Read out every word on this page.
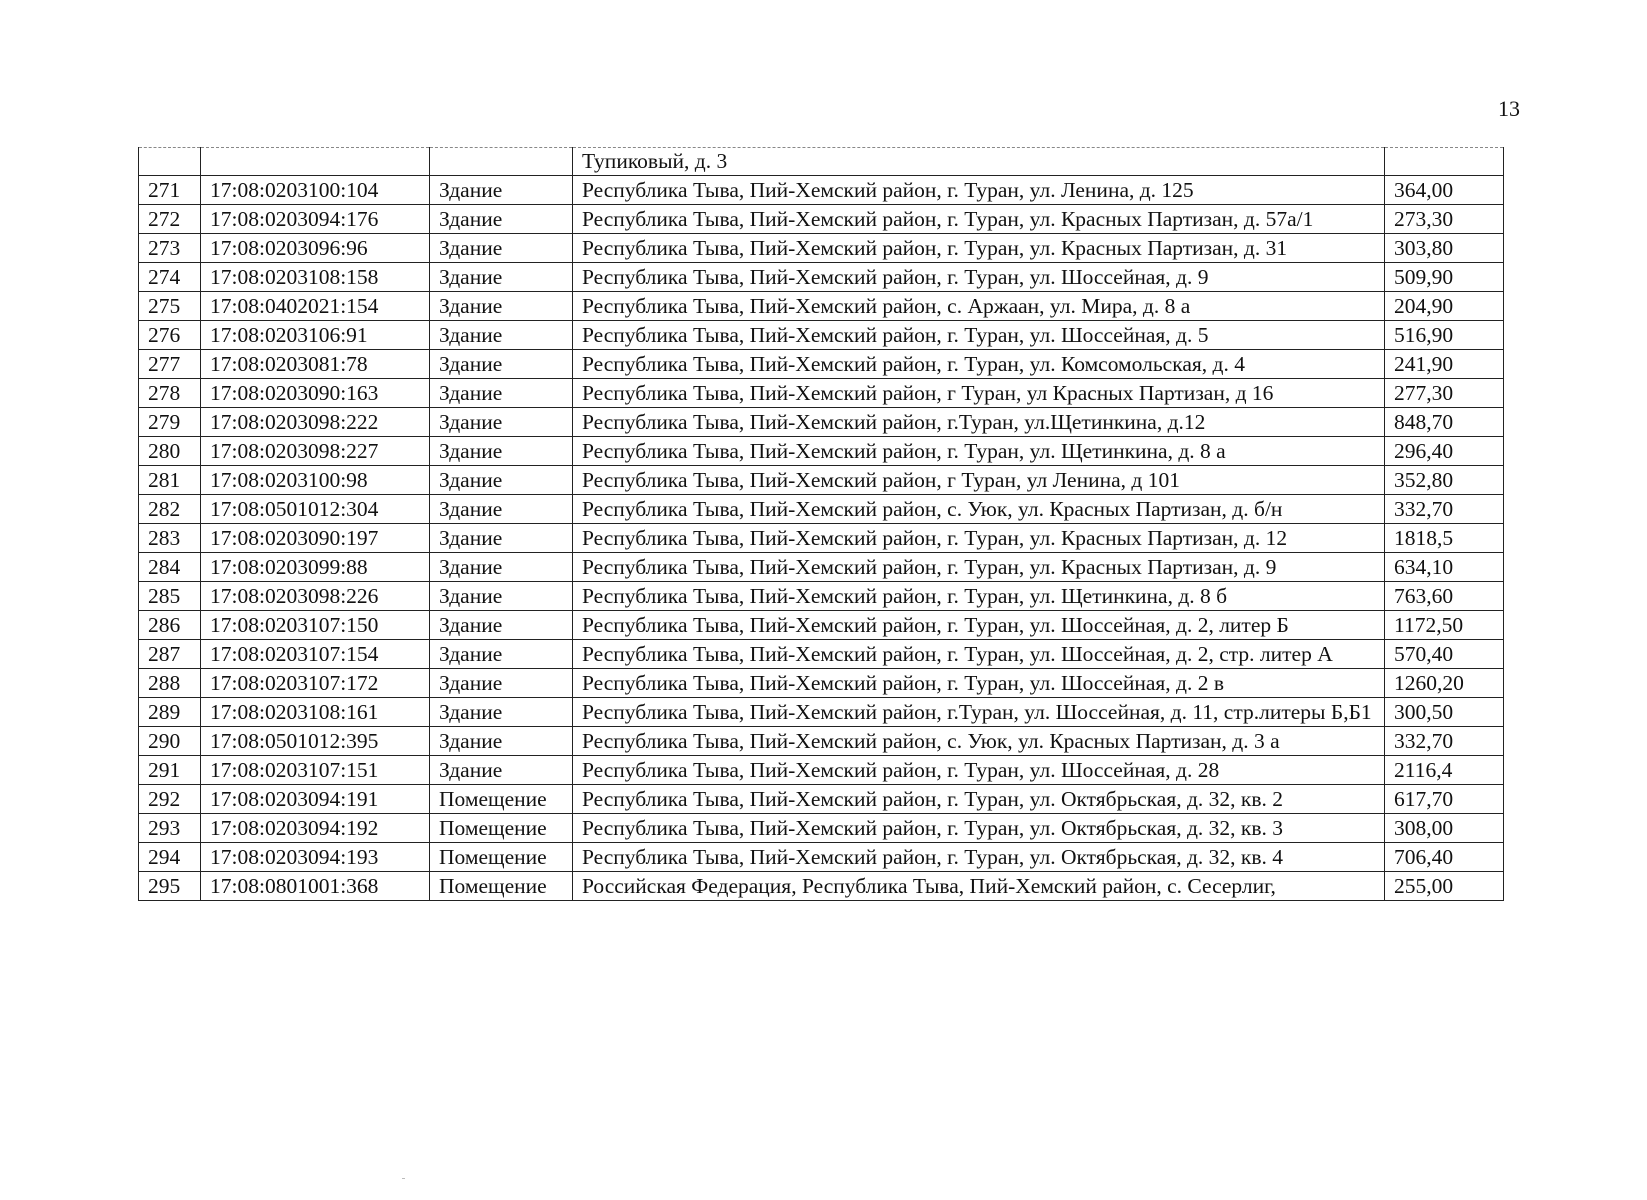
13
			Тупиковый, д. 3	
271	17:08:0203100:104	Здание	Республика Тыва, Пий-Хемский район, г. Туран, ул. Ленина, д. 125	364,00
272	17:08:0203094:176	Здание	Республика Тыва, Пий-Хемский район, г. Туран, ул. Красных Партизан, д. 57а/1	273,30
273	17:08:0203096:96	Здание	Республика Тыва, Пий-Хемский район, г. Туран, ул. Красных Партизан, д. 31	303,80
274	17:08:0203108:158	Здание	Республика Тыва, Пий-Хемский район, г. Туран, ул. Шоссейная, д. 9	509,90
275	17:08:0402021:154	Здание	Республика Тыва, Пий-Хемский район, с. Аржаан, ул. Мира, д. 8 а	204,90
276	17:08:0203106:91	Здание	Республика Тыва, Пий-Хемский район, г. Туран, ул. Шоссейная, д. 5	516,90
277	17:08:0203081:78	Здание	Республика Тыва, Пий-Хемский район, г. Туран, ул. Комсомольская, д. 4	241,90
278	17:08:0203090:163	Здание	Республика Тыва, Пий-Хемский район, г Туран, ул Красных Партизан, д 16	277,30
279	17:08:0203098:222	Здание	Республика Тыва, Пий-Хемский район, г.Туран, ул.Щетинкина, д.12	848,70
280	17:08:0203098:227	Здание	Республика Тыва, Пий-Хемский район, г. Туран, ул. Щетинкина, д. 8 а	296,40
281	17:08:0203100:98	Здание	Республика Тыва, Пий-Хемский район, г Туран, ул Ленина, д 101	352,80
282	17:08:0501012:304	Здание	Республика Тыва, Пий-Хемский район, с. Уюк, ул. Красных Партизан, д. б/н	332,70
283	17:08:0203090:197	Здание	Республика Тыва, Пий-Хемский район, г. Туран, ул. Красных Партизан, д. 12	1818,5
284	17:08:0203099:88	Здание	Республика Тыва, Пий-Хемский район, г. Туран, ул. Красных Партизан, д. 9	634,10
285	17:08:0203098:226	Здание	Республика Тыва, Пий-Хемский район, г. Туран, ул. Щетинкина, д. 8 б	763,60
286	17:08:0203107:150	Здание	Республика Тыва, Пий-Хемский район, г. Туран, ул. Шоссейная, д. 2, литер Б	1172,50
287	17:08:0203107:154	Здание	Республика Тыва, Пий-Хемский район, г. Туран, ул. Шоссейная, д. 2, стр. литер А	570,40
288	17:08:0203107:172	Здание	Республика Тыва, Пий-Хемский район, г. Туран, ул. Шоссейная, д. 2 в	1260,20
289	17:08:0203108:161	Здание	Республика Тыва, Пий-Хемский район, г.Туран, ул. Шоссейная, д. 11, стр.литеры Б,Б1	300,50
290	17:08:0501012:395	Здание	Республика Тыва, Пий-Хемский район, с. Уюк, ул. Красных Партизан, д. 3 а	332,70
291	17:08:0203107:151	Здание	Республика Тыва, Пий-Хемский район, г. Туран, ул. Шоссейная, д. 28	2116,4
292	17:08:0203094:191	Помещение	Республика Тыва, Пий-Хемский район, г. Туран, ул. Октябрьская, д. 32, кв. 2	617,70
293	17:08:0203094:192	Помещение	Республика Тыва, Пий-Хемский район, г. Туран, ул. Октябрьская, д. 32, кв. 3	308,00
294	17:08:0203094:193	Помещение	Республика Тыва, Пий-Хемский район, г. Туран, ул. Октябрьская, д. 32, кв. 4	706,40
295	17:08:0801001:368	Помещение	Российская Федерация, Республика Тыва, Пий-Хемский район, с. Сесерлиг,	255,00
